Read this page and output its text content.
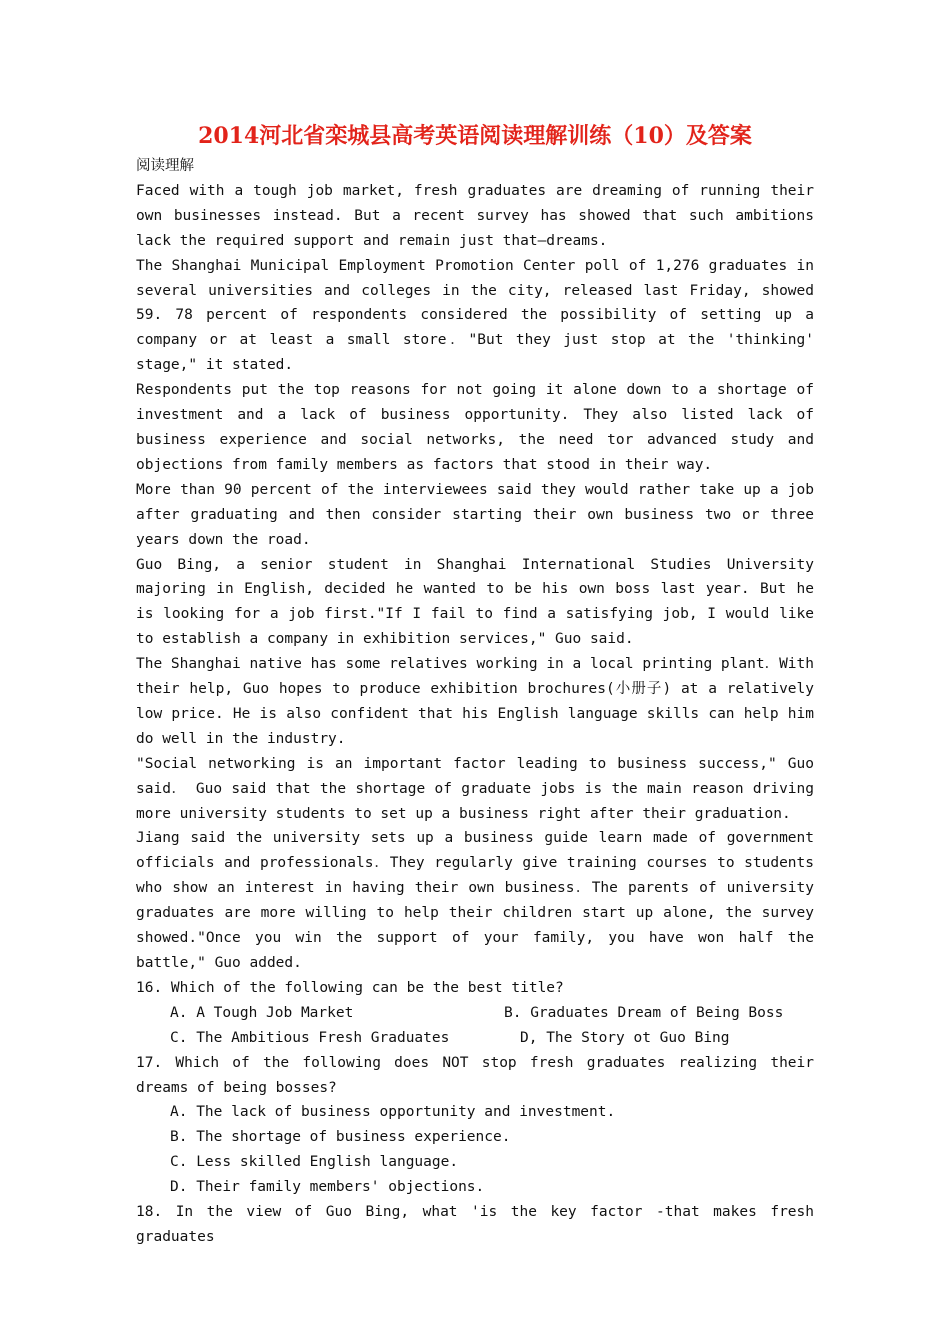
2014河北省栾城县高考英语阅读理解训练（10）及答案

阅读理解

Faced with a tough job market, fresh graduates are dreaming of running their own businesses instead. But a recent survey has showed that such ambitions lack the required support and remain just that—dreams.

The Shanghai Municipal Employment Promotion Center poll of 1,276 graduates in several universities and colleges in the city, released last Friday, showed 59. 78 percent of respondents considered the possibility of setting up a company or at least a small store．"But they just stop at the 'thinking' stage," it stated.

Respondents put the top reasons for not going it alone down to a shortage of investment and a lack of business opportunity. They also listed lack of business experience and social networks, the need tor advanced study and objections from family members as factors that stood in their way.

More than 90 percent of the interviewees said they would rather take up a job after graduating and then consider starting their own business two or three years down the road.

Guo Bing, a senior student in Shanghai International Studies University majoring in English, decided he wanted to be his own boss last year. But he is looking for a job first."If I fail to find a satisfying job, I would like to establish a company in exhibition services," Guo said.

The Shanghai native has some relatives working in a local printing plant．With their help, Guo hopes to produce exhibition brochures(小册子) at a relatively low price. He is also confident that his English language skills can help him do well in the industry.

"Social networking is an important factor leading to business success," Guo said． Guo said that the shortage of graduate jobs is the main reason driving more university students to set up a business right after their graduation.

Jiang said the university sets up a business guide learn made of government officials and professionals．They regularly give training courses to students who show an interest in having their own business．The parents of university graduates are more willing to help their children start up alone, the survey showed."Once you win the support of your family, you have won half the battle," Guo added.

16. Which of the following can be the best title?

A. A Tough Job Market	B. Graduates Dream of Being Boss
C. The Ambitious Fresh Graduates	D, The Story ot Guo Bing

17. Which of the following does NOT stop fresh graduates realizing their dreams of being bosses?

A. The lack of business opportunity and investment.

B. The shortage of business experience.

C. Less skilled English language.

D. Their family members' objections.

18. In the view of Guo Bing, what 'is the key factor -that makes fresh graduates
